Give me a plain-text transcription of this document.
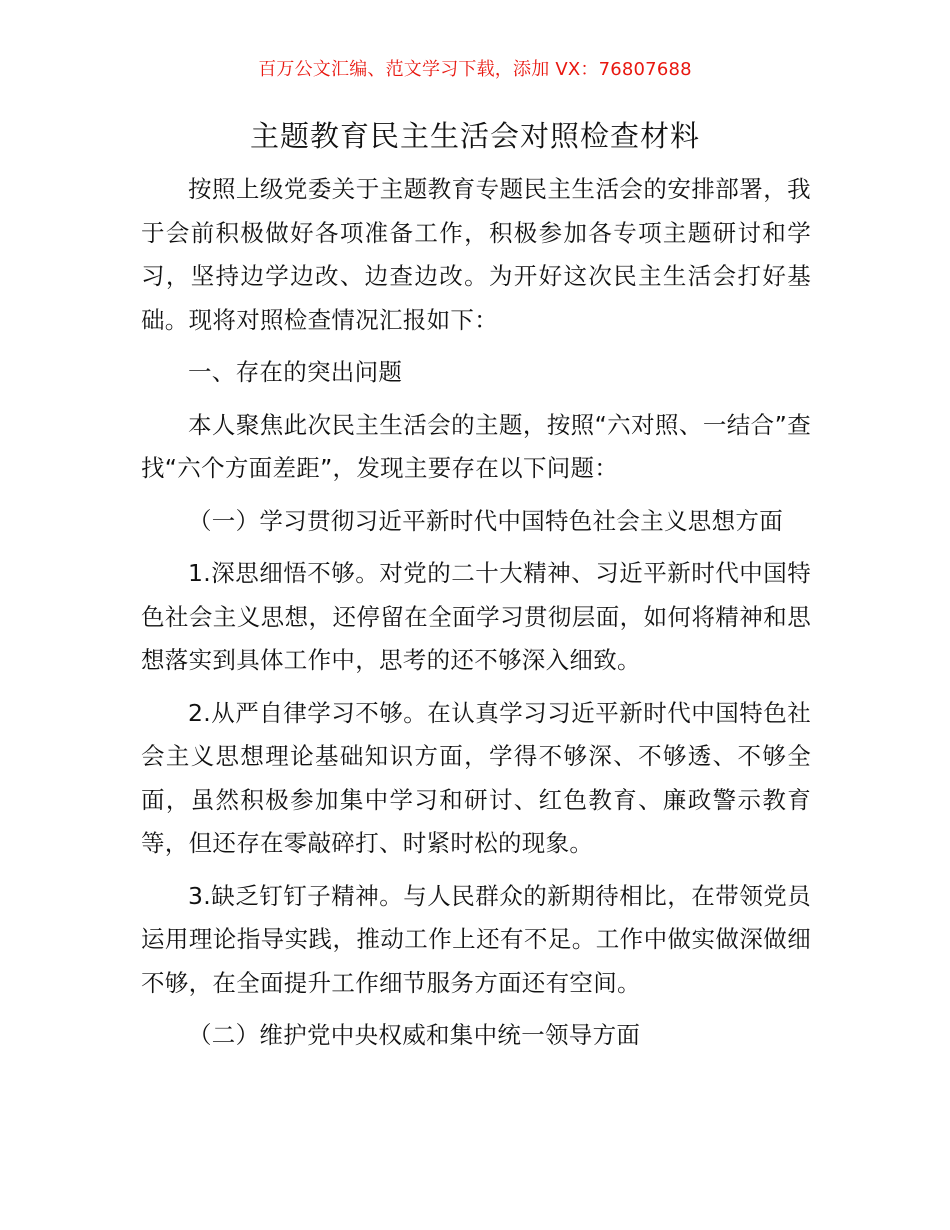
百万公文汇编、范文学习下载，添加 VX：76807688
主题教育民主生活会对照检查材料

按照上级党委关于主题教育专题民主生活会的安排部署，我于会前积极做好各项准备工作，积极参加各专项主题研讨和学习，坚持边学边改、边查边改。为开好这次民主生活会打好基础。现将对照检查情况汇报如下：

一、存在的突出问题

本人聚焦此次民主生活会的主题，按照“六对照、一结合”查找“六个方面差距”，发现主要存在以下问题：

（一）学习贯彻习近平新时代中国特色社会主义思想方面

1.深思细悟不够。对党的二十大精神、习近平新时代中国特色社会主义思想，还停留在全面学习贯彻层面，如何将精神和思想落实到具体工作中，思考的还不够深入细致。

2.从严自律学习不够。在认真学习习近平新时代中国特色社会主义思想理论基础知识方面，学得不够深、不够透、不够全面，虽然积极参加集中学习和研讨、红色教育、廉政警示教育等，但还存在零敲碎打、时紧时松的现象。

3.缺乏钉钉子精神。与人民群众的新期待相比，在带领党员运用理论指导实践，推动工作上还有不足。工作中做实做深做细不够，在全面提升工作细节服务方面还有空间。

（二）维护党中央权威和集中统一领导方面
